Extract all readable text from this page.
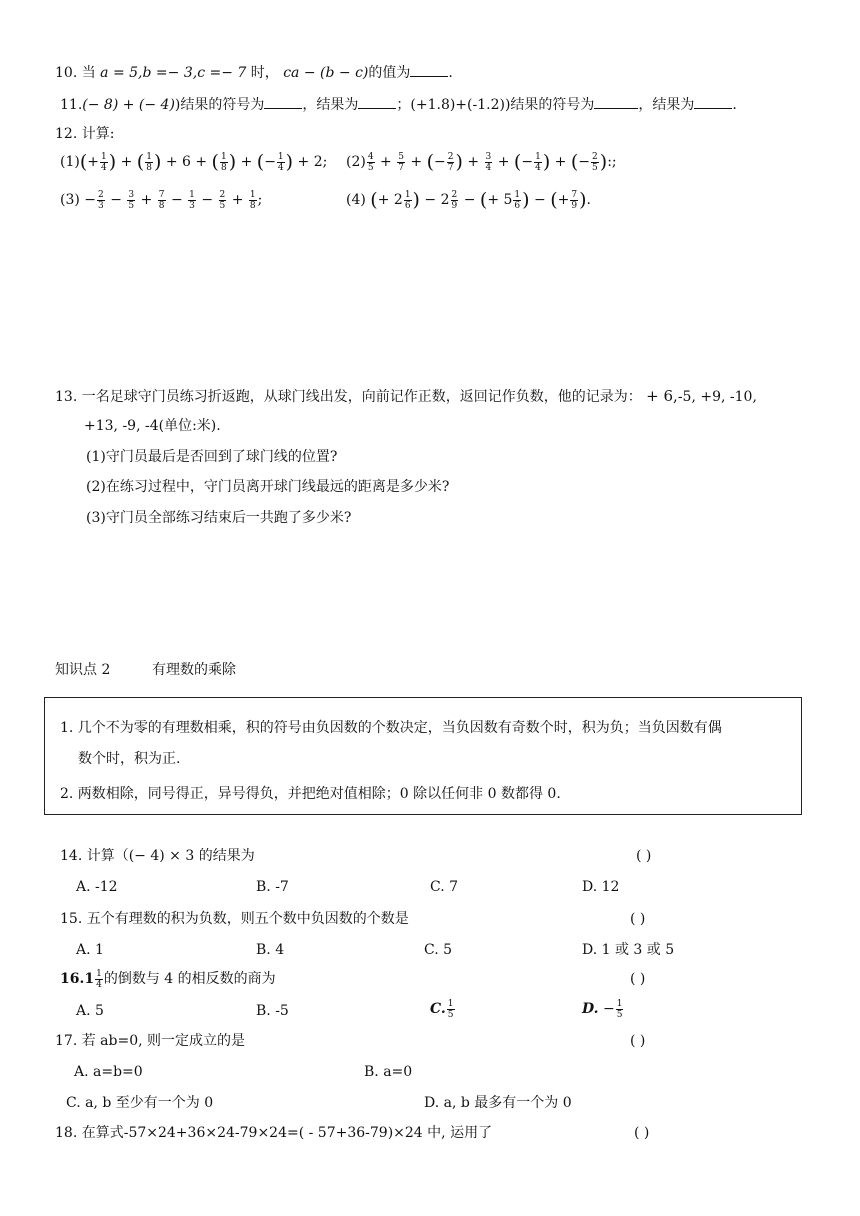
10. 当 a = 5,b =− 3,c =− 7 时， ca − (b − c)的值为	.
11.(− 8) + (− 4))结果的符号为	，结果为	；(+1.8)+(-1.2))结果的符号为	，结果为	.
12. 计算:
$(1)(+ \frac{1}{4}$ ) + ( $\frac{1}{8}$ ) + 6 + ( $\frac{1}{8}$ ) + (− $\frac{1}{4}$ ) + 2; $(2) \frac{4}{5} + \frac{5}{7}$ + (− $\frac{2}{7}$ ) + $\frac{3}{4}$ + (− $\frac{1}{4}$ ) + (− $\frac{2}{5}$ ):;
$(3) - \frac{2}{3} - \frac{3}{5} + \frac{7}{8} - \frac{1}{3} - \frac{2}{5} + \frac{1}{8}$ ;	(4) (+ $2 \frac{1}{6}$ ) − $2 \frac{2}{9}$ − (+ $5 \frac{1}{6}$ ) − (+ $\frac{7}{9}$ ).
13. 一名足球守门员练习折返跑，从球门线出发，向前记作正数，返回记作负数，他的记录为： + 6,-5, +9, -10,
+13, -9, -4(单位:米).
(1)守门员最后是否回到了球门线的位置?
(2)在练习过程中，守门员离开球门线最远的距离是多少米?
(3)守门员全部练习结束后一共跑了多少米?
知识点 2	有理数的乘除
1. 几个不为零的有理数相乘，积的符号由负因数的个数决定，当负因数有奇数个时，积为负；当负因数有偶
数个时，积为正.
2. 两数相除，同号得正，异号得负，并把绝对值相除；0 除以任何非 0 数都得 0.
14. 计算（(− 4) × 3 的结果为	( )
A. -12	B. -7	C. 7	D. 12
15. 五个有理数的积为负数，则五个数中负因数的个数是	( )
A. 1	B. 4	C. 5	D. 1 或 3 或 5
$16.1 \frac{1}{4}$ 的倒数与 4 的相反数的商为	( )
A. 5	B. -5	C. $\frac{1}{5}$	D. − $\frac{1}{5}$
17. 若 ab=0, 则一定成立的是	( )
A. a=b=0	B. a=0
C. a, b 至少有一个为 0	D. a, b 最多有一个为 0
18. 在算式-57×24+36×24-79×24=( - 57+36-79)×24 中, 运用了	( )
